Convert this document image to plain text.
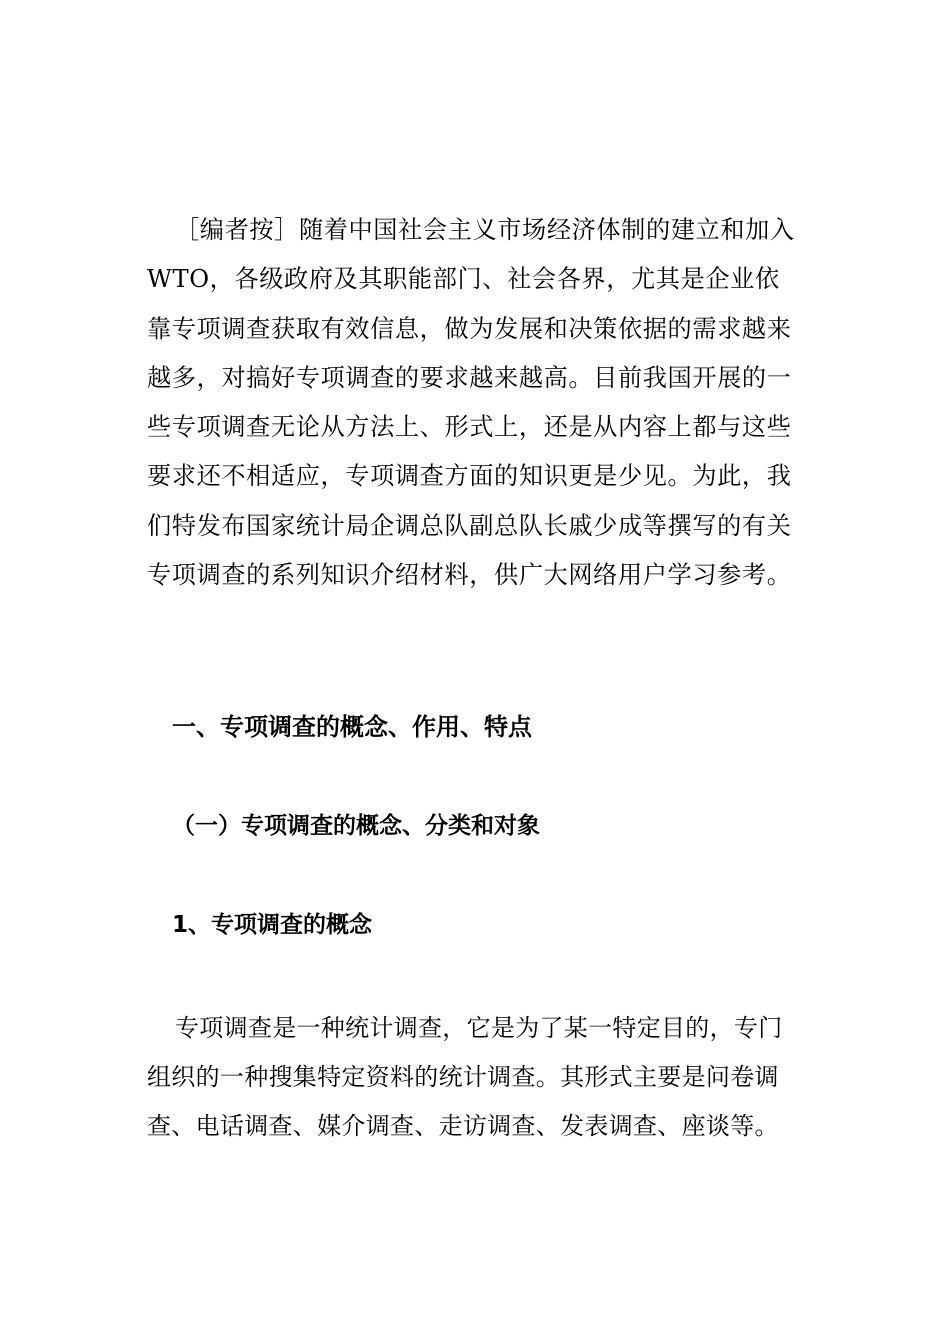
［编者按］随着中国社会主义市场经济体制的建立和加入WTO，各级政府及其职能部门、社会各界，尤其是企业依靠专项调查获取有效信息，做为发展和决策依据的需求越来越多，对搞好专项调查的要求越来越高。目前我国开展的一些专项调查无论从方法上、形式上，还是从内容上都与这些要求还不相适应，专项调查方面的知识更是少见。为此，我们特发布国家统计局企调总队副总队长戚少成等撰写的有关专项调查的系列知识介绍材料，供广大网络用户学习参考。

一、专项调查的概念、作用、特点
（一）专项调查的概念、分类和对象
1、专项调查的概念

专项调查是一种统计调查，它是为了某一特定目的，专门组织的一种搜集特定资料的统计调查。其形式主要是问卷调查、电话调查、媒介调查、走访调查、发表调查、座谈等。
